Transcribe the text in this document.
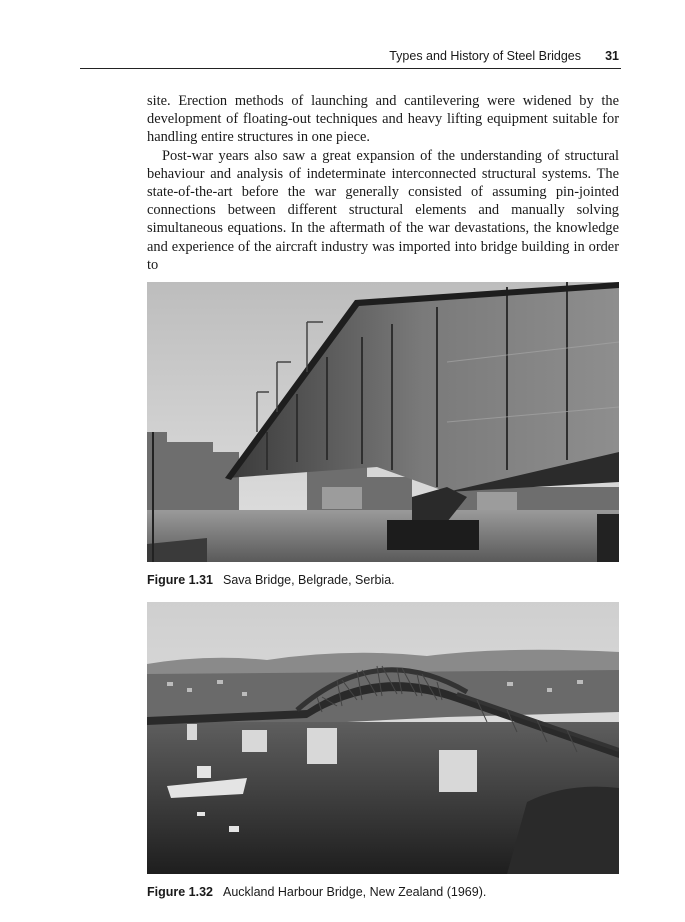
Types and History of Steel Bridges 31

site. Erection methods of launching and cantilevering were widened by the development of floating-out techniques and heavy lifting equipment suitable for handling entire structures in one piece.

Post-war years also saw a great expansion of the understanding of structural behaviour and analysis of indeterminate interconnected structural systems. The state-of-the-art before the war generally consisted of assuming pin-jointed connections between different structural elements and manually solving simultaneous equations. In the aftermath of the war devastations, the knowledge and experience of the aircraft industry was imported into bridge building in order to

Figure 1.31 Sava Bridge, Belgrade, Serbia.
Figure 1.32 Auckland Harbour Bridge, New Zealand (1969).
